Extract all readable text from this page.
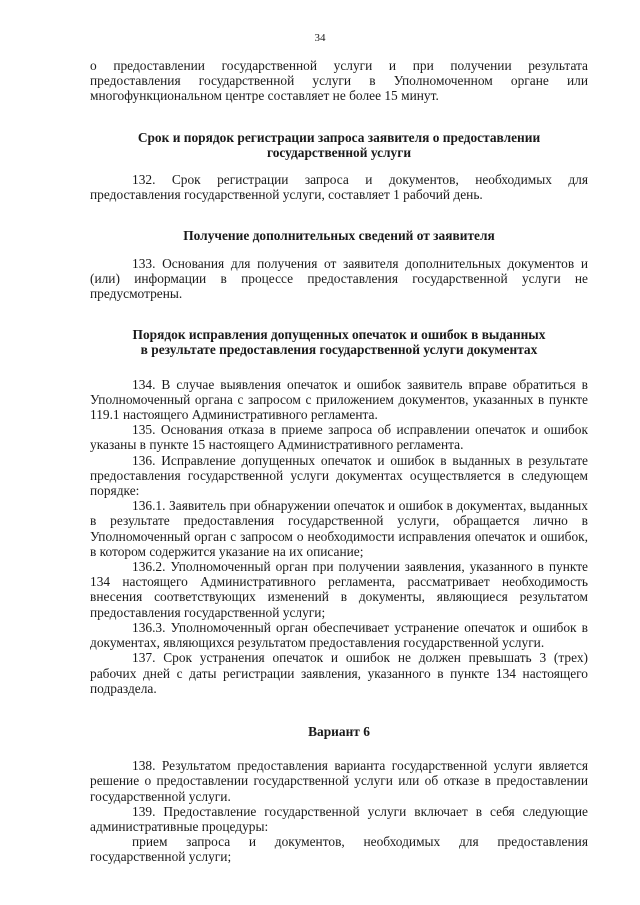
34

о предоставлении государственной услуги и при получении результата предоставления государственной услуги в Уполномоченном органе или многофункциональном центре составляет не более 15 минут.

Срок и порядок регистрации запроса заявителя о предоставлении
государственной услуги

132. Срок регистрации запроса и документов, необходимых для предоставления государственной услуги, составляет 1 рабочий день.

Получение дополнительных сведений от заявителя

133. Основания для получения от заявителя дополнительных документов и (или) информации в процессе предоставления государственной услуги не предусмотрены.

Порядок исправления допущенных опечаток и ошибок в выданных
в результате предоставления государственной услуги документах

134. В случае выявления опечаток и ошибок заявитель вправе обратиться в Уполномоченный органа с запросом с приложением документов, указанных в пункте 119.1 настоящего Административного регламента.

135. Основания отказа в приеме запроса об исправлении опечаток и ошибок указаны в пункте 15 настоящего Административного регламента.

136. Исправление допущенных опечаток и ошибок в выданных в результате предоставления государственной услуги документах осуществляется в следующем порядке:

136.1. Заявитель при обнаружении опечаток и ошибок в документах, выданных в результате предоставления государственной услуги, обращается лично в Уполномоченный орган с запросом о необходимости исправления опечаток и ошибок, в котором содержится указание на их описание;

136.2. Уполномоченный орган при получении заявления, указанного в пункте 134 настоящего Административного регламента, рассматривает необходимость внесения соответствующих изменений в документы, являющиеся результатом предоставления государственной услуги;

136.3. Уполномоченный орган обеспечивает устранение опечаток и ошибок в документах, являющихся результатом предоставления государственной услуги.

137. Срок устранения опечаток и ошибок не должен превышать 3 (трех) рабочих дней с даты регистрации заявления, указанного в пункте 134 настоящего подраздела.

Вариант 6

138. Результатом предоставления варианта государственной услуги является решение о предоставлении государственной услуги или об отказе в предоставлении государственной услуги.

139. Предоставление государственной услуги включает в себя следующие административные процедуры:

прием запроса и документов, необходимых для предоставления государственной услуги;
